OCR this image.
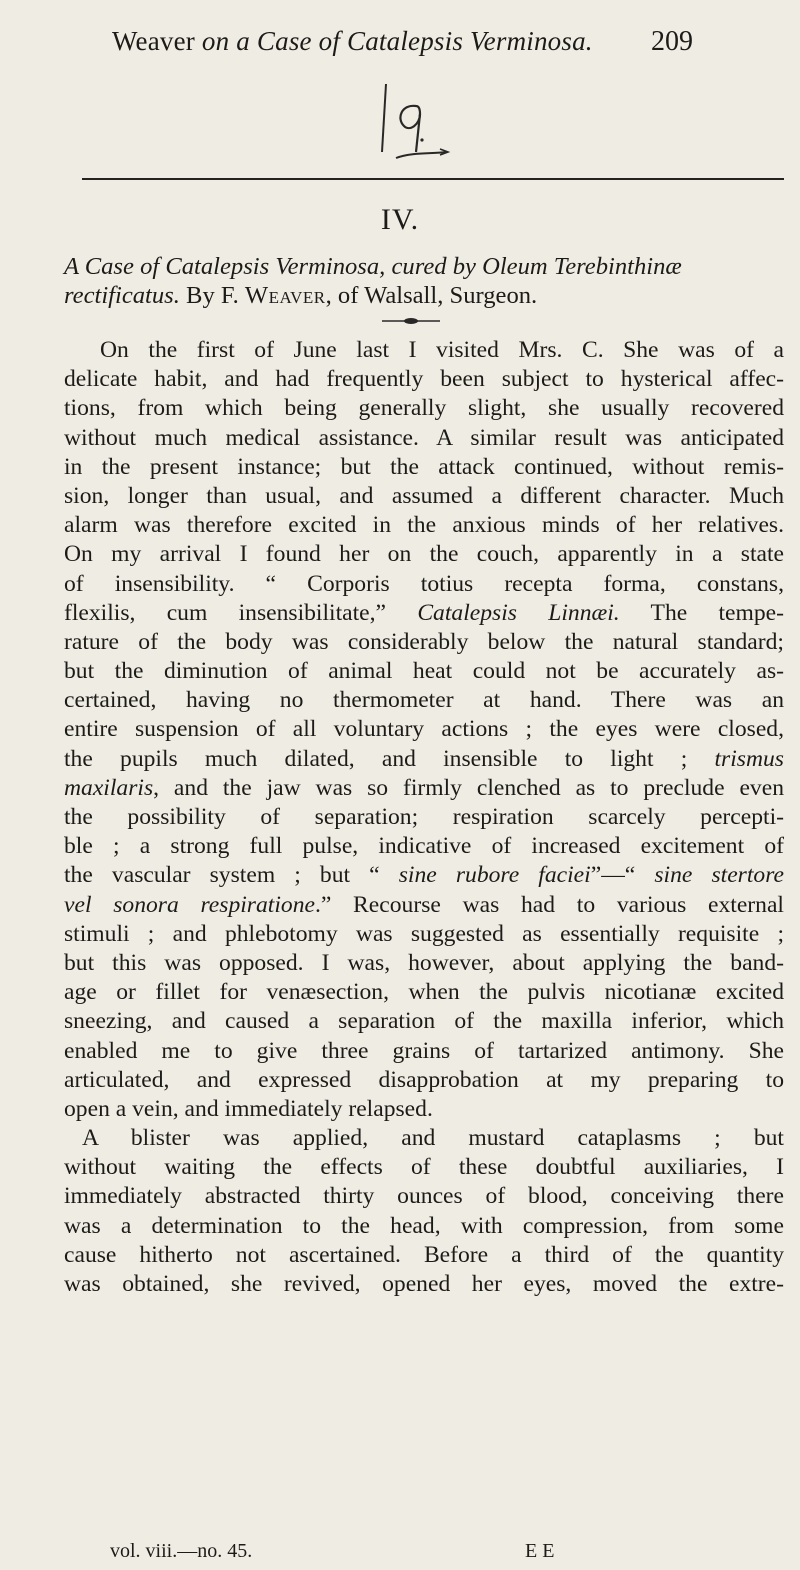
Weaver on a Case of Catalepsis Verminosa. 209
IV.
A Case of Catalepsis Verminosa, cured by Oleum Terebinthinæ
rectificatus. By F. Weaver, of Walsall, Surgeon.
On the first of June last I visited Mrs. C. She was of a
delicate habit, and had frequently been subject to hysterical affec-
tions, from which being generally slight, she usually recovered
without much medical assistance. A similar result was anticipated
in the present instance; but the attack continued, without remis-
sion, longer than usual, and assumed a different character. Much
alarm was therefore excited in the anxious minds of her relatives.
On my arrival I found her on the couch, apparently in a state
of insensibility. “ Corporis totius recepta forma, constans,
flexilis, cum insensibilitate,” Catalepsis Linnæi. The tempe-
rature of the body was considerably below the natural standard;
but the diminution of animal heat could not be accurately as-
certained, having no thermometer at hand. There was an
entire suspension of all voluntary actions ; the eyes were closed,
the pupils much dilated, and insensible to light ; trismus
maxilaris, and the jaw was so firmly clenched as to preclude even
the possibility of separation; respiration scarcely percepti-
ble ; a strong full pulse, indicative of increased excitement of
the vascular system ; but “ sine rubore faciei”—“ sine stertore
vel sonora respiratione.” Recourse was had to various external
stimuli ; and phlebotomy was suggested as essentially requisite ;
but this was opposed. I was, however, about applying the band-
age or fillet for venæsection, when the pulvis nicotianæ excited
sneezing, and caused a separation of the maxilla inferior, which
enabled me to give three grains of tartarized antimony. She
articulated, and expressed disapprobation at my preparing to
open a vein, and immediately relapsed.
A blister was applied, and mustard cataplasms ; but
without waiting the effects of these doubtful auxiliaries, I
immediately abstracted thirty ounces of blood, conceiving there
was a determination to the head, with compression, from some
cause hitherto not ascertained. Before a third of the quantity
was obtained, she revived, opened her eyes, moved the extre-
vol. viii.—no. 45.	E E
